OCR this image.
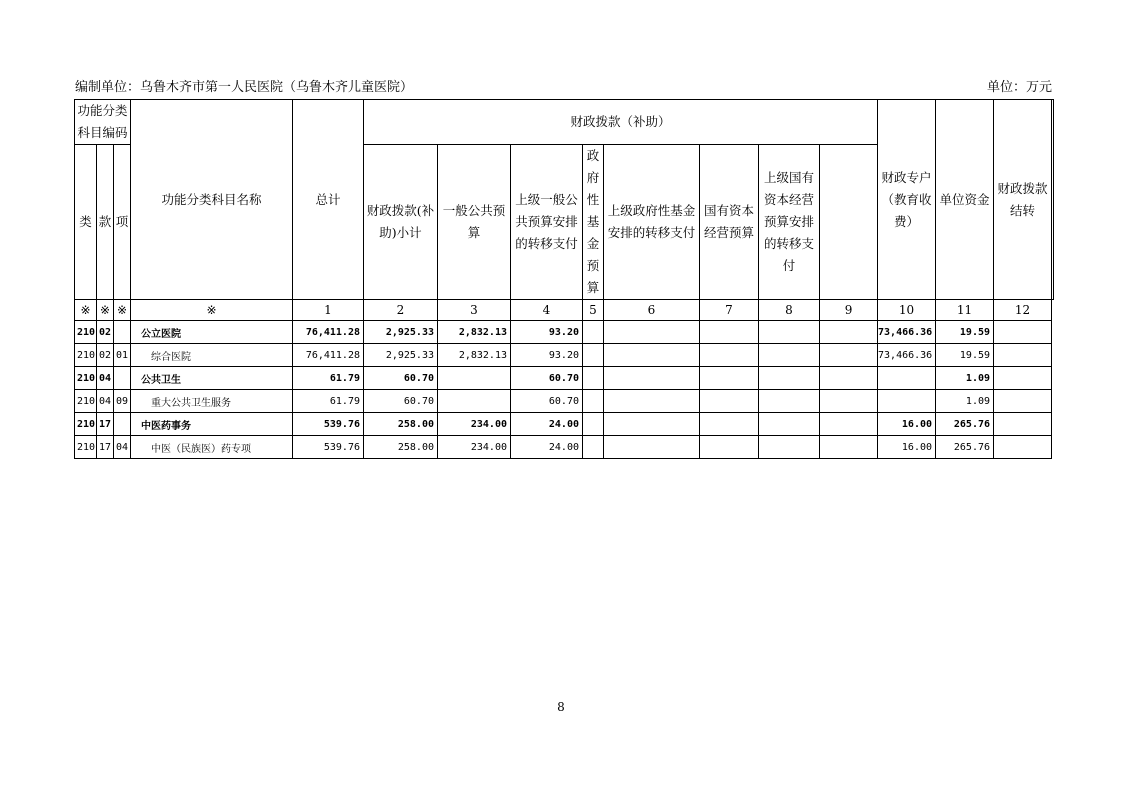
编制单位：乌鲁木齐市第一人民医院（乌鲁木齐儿童医院）	单位：万元
功能分类科目编码			功能分类科目名称	总计	财政拨款（补助）								财政专户（教育收费）	单位资金	财政拨款结转	
类	款	项			财政拨款(补助)小计	一般公共预算	上级一般公共预算安排的转移支付	政府性基金预算	上级政府性基金安排的转移支付	国有资本经营预算	上级国有资本经营预算安排的转移支付					
※	※	※	※	1	2	3	4	5	6	7	8	9	10	11	12	
210	02		公立医院	76,411.28	2,925.33	2,832.13	93.20						73,466.36	19.59		
210	02	01	综合医院	76,411.28	2,925.33	2,832.13	93.20						73,466.36	19.59		
210	04		公共卫生	61.79	60.70		60.70							1.09		
210	04	09	重大公共卫生服务	61.79	60.70		60.70							1.09		
210	17		中医药事务	539.76	258.00	234.00	24.00						16.00	265.76		
210	17	04	中医（民族医）药专项	539.76	258.00	234.00	24.00						16.00	265.76		
8
